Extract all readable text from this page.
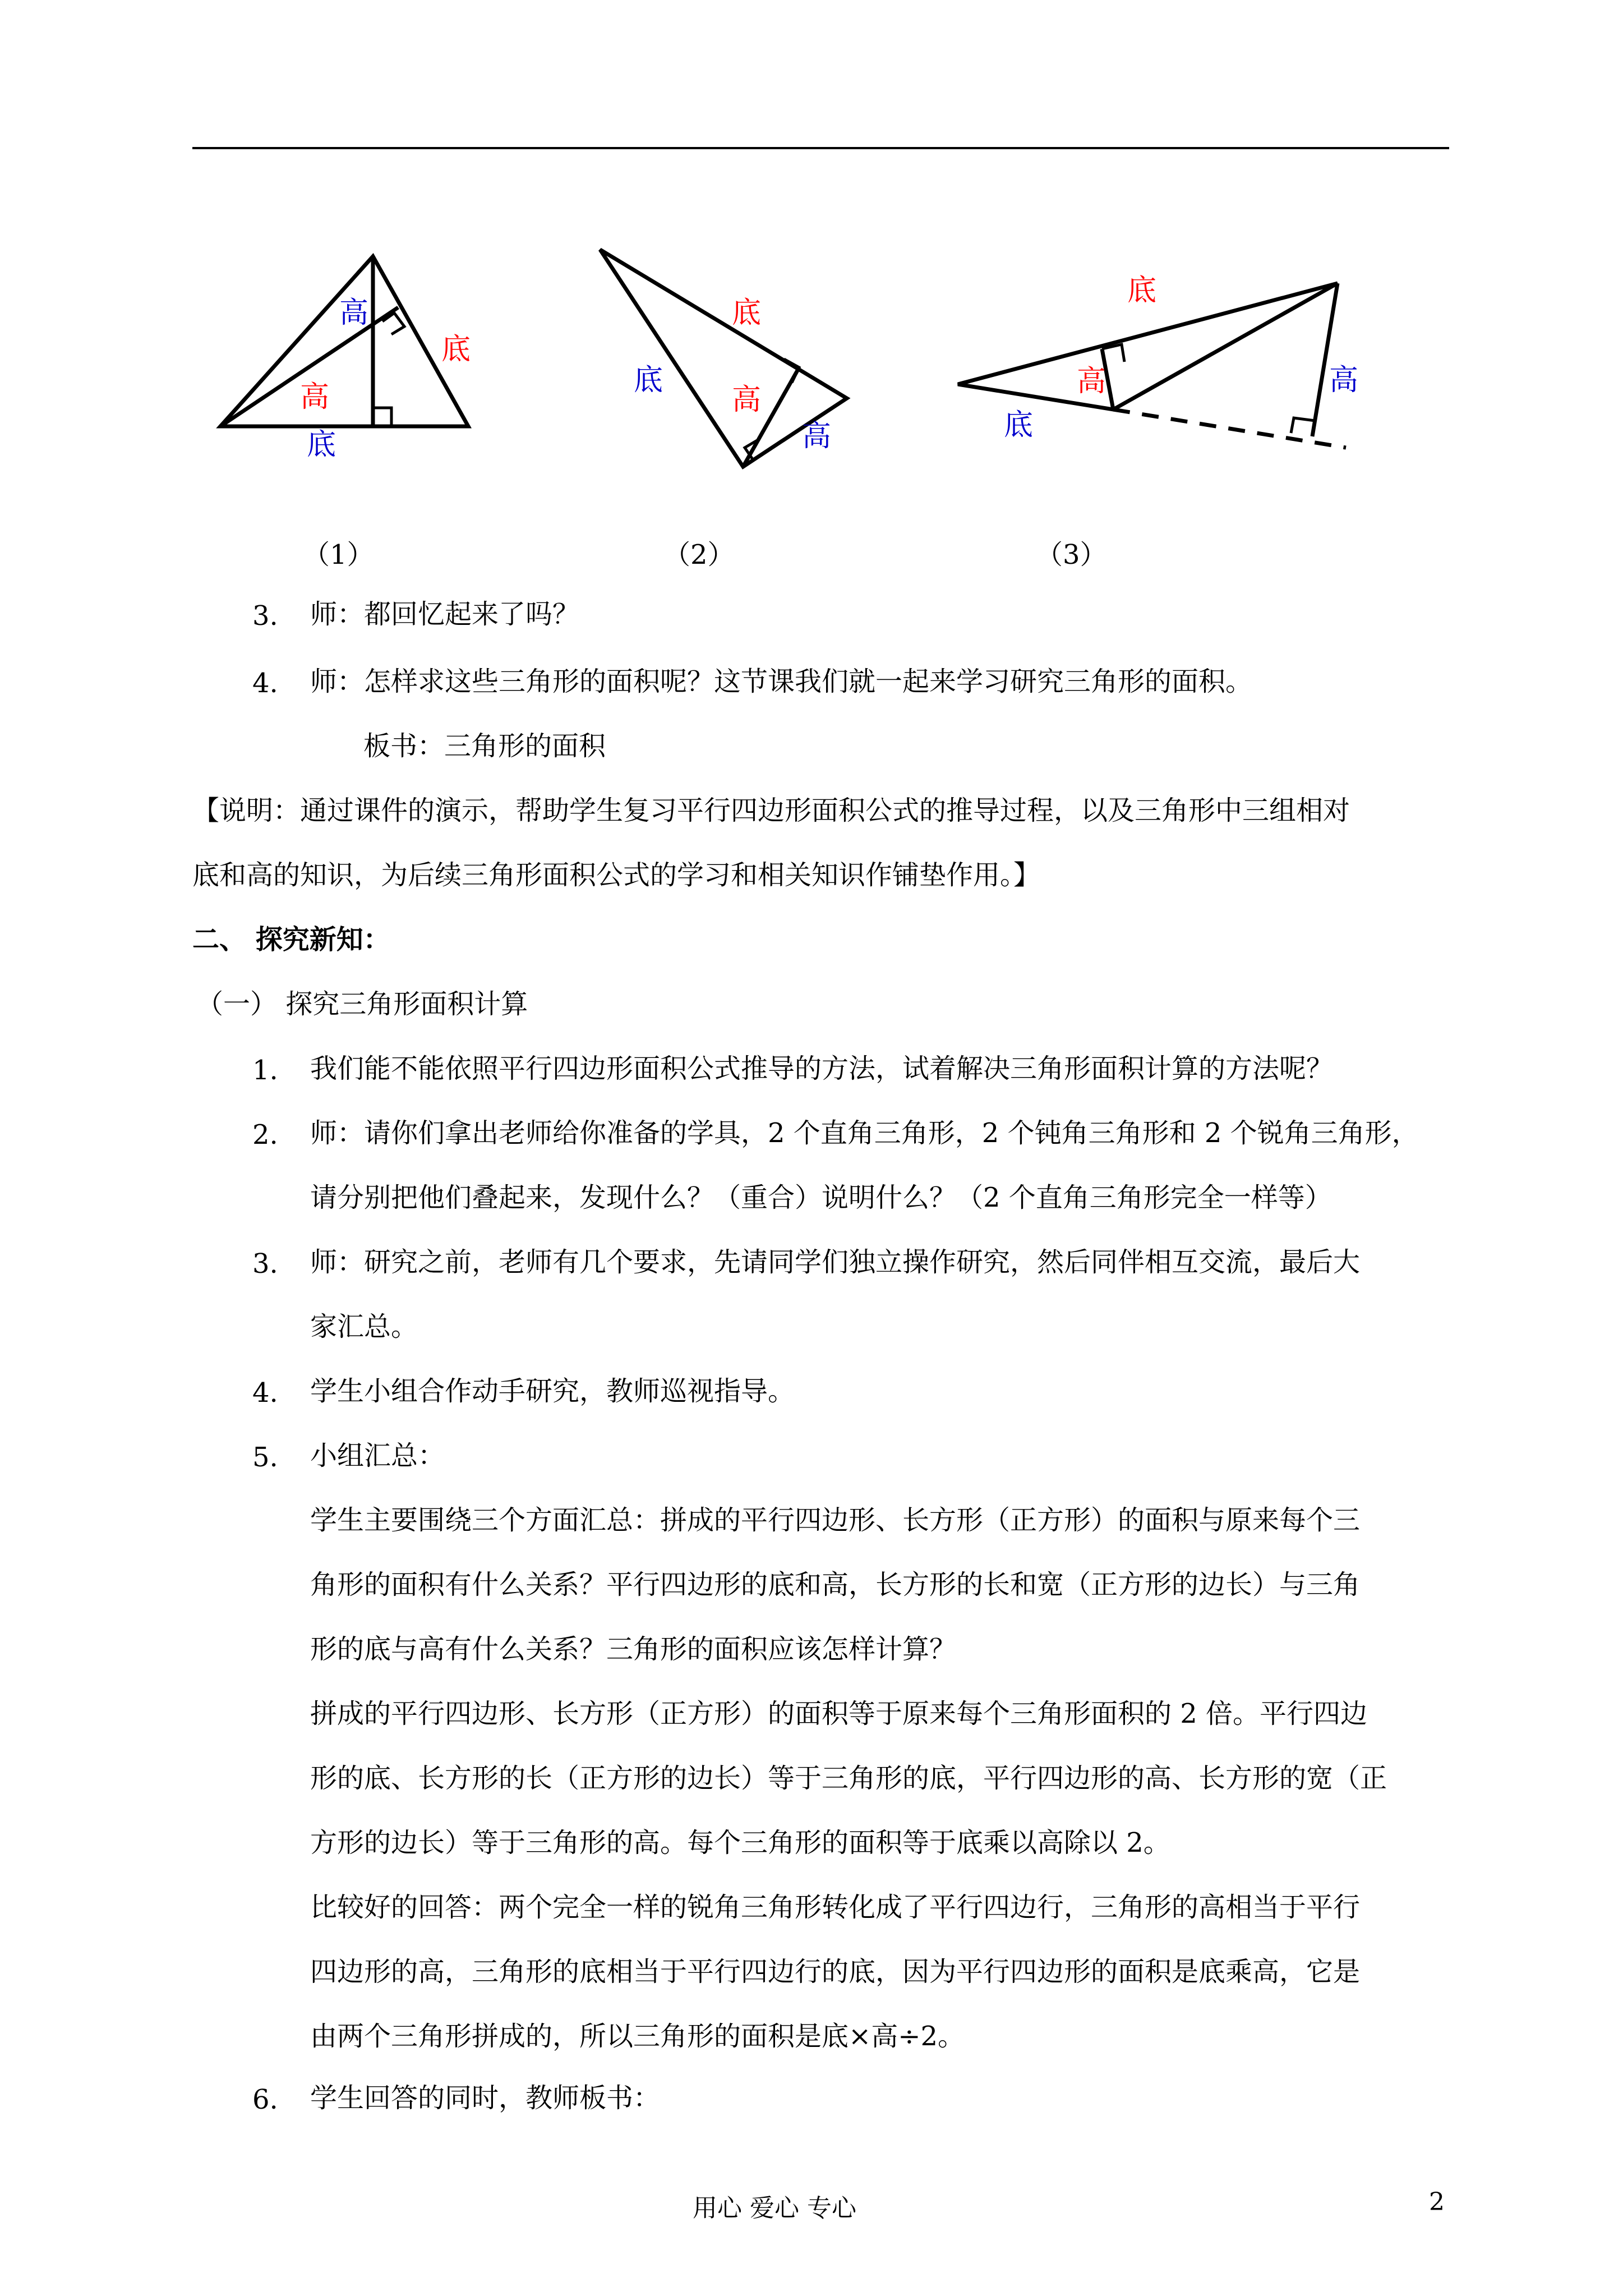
高
底
高
底
底
底
高
高
底
高	高
底
（1）	（2）	（3）
3. 师：都回忆起来了吗？
4. 师：怎样求这些三角形的面积呢？这节课我们就一起来学习研究三角形的面积。
板书：三角形的面积
【说明：通过课件的演示，帮助学生复习平行四边形面积公式的推导过程，以及三角形中三组相对
底和高的知识，为后续三角形面积公式的学习和相关知识作铺垫作用。】
二、 探究新知：
（一） 探究三角形面积计算
1. 我们能不能依照平行四边形面积公式推导的方法，试着解决三角形面积计算的方法呢？
2. 师：请你们拿出老师给你准备的学具，2 个直角三角形，2 个钝角三角形和 2 个锐角三角形，
请分别把他们叠起来，发现什么？（重合）说明什么？（2 个直角三角形完全一样等）
3. 师：研究之前，老师有几个要求，先请同学们独立操作研究，然后同伴相互交流，最后大
家汇总。
4. 学生小组合作动手研究，教师巡视指导。
5. 小组汇总：
学生主要围绕三个方面汇总：拼成的平行四边形、长方形（正方形）的面积与原来每个三
角形的面积有什么关系？平行四边形的底和高，长方形的长和宽（正方形的边长）与三角
形的底与高有什么关系？三角形的面积应该怎样计算？
拼成的平行四边形、长方形（正方形）的面积等于原来每个三角形面积的 2 倍。平行四边
形的底、长方形的长（正方形的边长）等于三角形的底，平行四边形的高、长方形的宽（正
方形的边长）等于三角形的高。每个三角形的面积等于底乘以高除以 2。
比较好的回答：两个完全一样的锐角三角形转化成了平行四边行，三角形的高相当于平行
四边形的高，三角形的底相当于平行四边行的底，因为平行四边形的面积是底乘高，它是
由两个三角形拼成的，所以三角形的面积是底×高÷2。
6. 学生回答的同时，教师板书：
用心 爱心 专心	2
